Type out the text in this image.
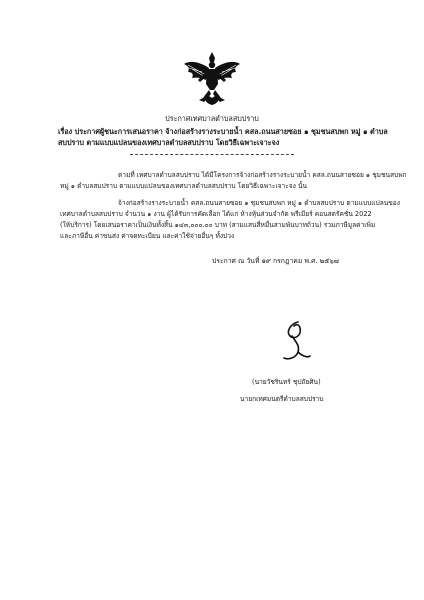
ประกาศเทศบาลตำบลสบปราบ
เรื่อง ประกาศผู้ชนะการเสนอราคา จ้างก่อสร้างรางระบายน้ำ คสล.ถนนสายซอย ๑ ชุมชนสบพก หมู่ ๑ ตำบล
สบปราบ ตามแบบแปลนของเทศบาลตำบลสบปราบ โดยวิธีเฉพาะเจาะจง
ตามที่ เทศบาลตำบลสบปราบ ได้มีโครงการจ้างก่อสร้างรางระบายน้ำ คสล.ถนนสายซอย ๑ ชุมชนสบพก
หมู่ ๑ ตำบลสบปราบ ตามแบบแปลนของเทศบาลตำบลสบปราบ โดยวิธีเฉพาะเจาะจง นั้น
จ้างก่อสร้างรางระบายน้ำ คสล.ถนนสายซอย ๑ ชุมชนสบพก หมู่ ๑ ตำบลสบปราบ ตามแบบแปลนของ
เทศบาลตำบลสบปราบ จำนวน ๑ งาน ผู้ได้รับการคัดเลือก ได้แก่ ห้างหุ้นส่วนจำกัด พรีเมียร์ คอนสตรัคชั่น 2022
(ให้บริการ) โดยเสนอราคาเป็นเงินทั้งสิ้น ๑๔๓,๐๐๐.๐๐ บาท (สามแสนสี่หมื่นสามพันบาทถ้วน) รวมภาษีมูลค่าเพิ่ม
และภาษีอื่น ค่าขนส่ง ค่าจดทะเบียน และค่าใช้จ่ายอื่นๆ ทั้งปวง
ประกาศ ณ วันที่ ๑๙ กรกฎาคม พ.ศ. ๒๕๖๗
(นายวัชรินทร์ ชุปถัยศิน)
นายกเทศมนตรีตำบลสบปราบ
